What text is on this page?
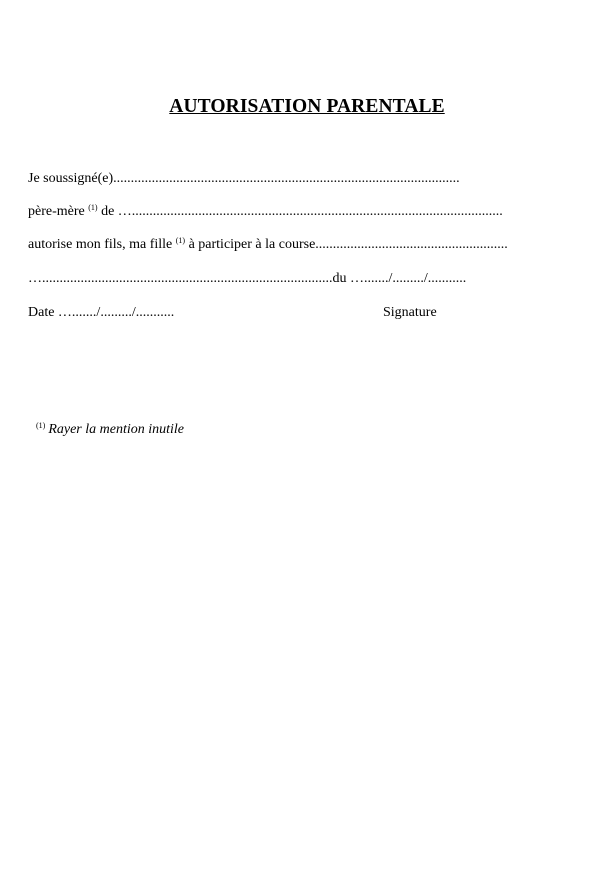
AUTORISATION PARENTALE
Je soussigné(e)...................................................................................................
père-mère $^{(1)}$ de …..........................................................................................................
autorise mon fils, ma fille $^{(1)}$ à participer à la course.......................................................
…...................................................................................du …......./........./...........
Date …......./........./...........	Signature
$^{(1)}$ Rayer la mention inutile
